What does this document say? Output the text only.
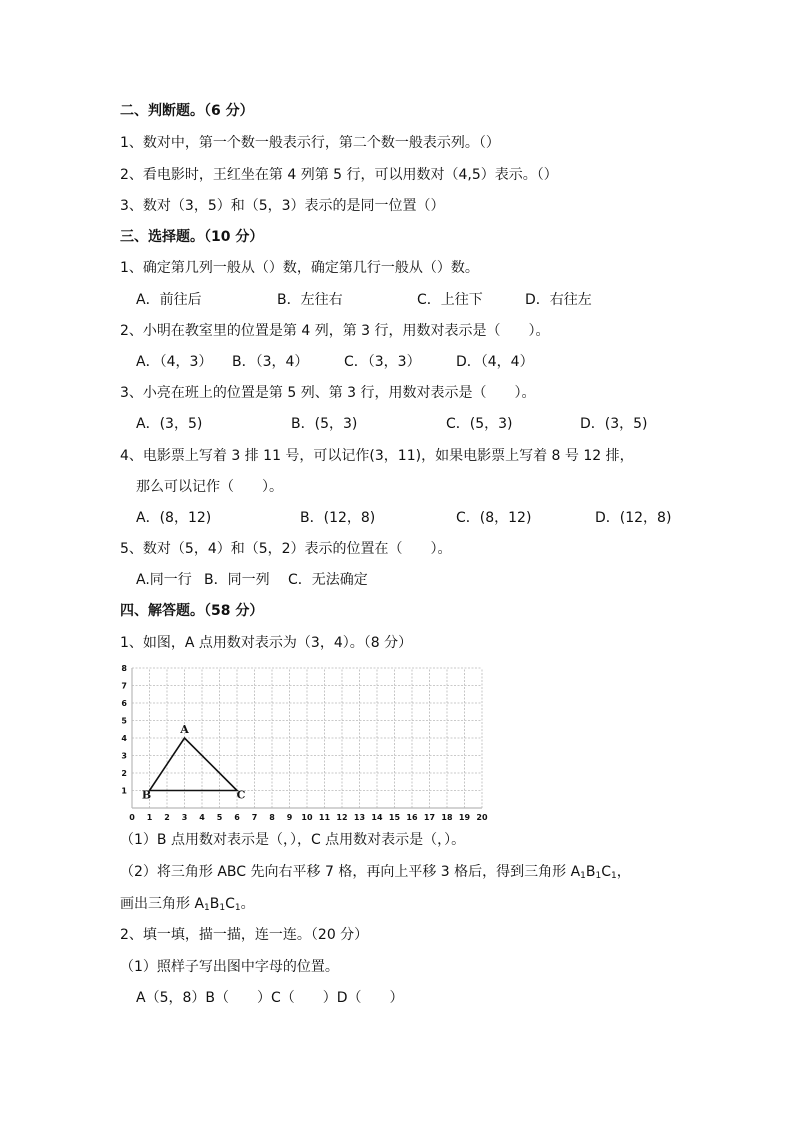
二、判断题。（6 分）
1、数对中，第一个数一般表示行，第二个数一般表示列。（）
2、看电影时，王红坐在第 4 列第 5 行，可以用数对（4,5）表示。（）
3、数对（3，5）和（5，3）表示的是同一位置（）
三、选择题。（10 分）
1、确定第几列一般从（）数，确定第几行一般从（）数。
A．前往后	B．左往右	C．上往下	D．右往左
2、小明在教室里的位置是第 4 列，第 3 行，用数对表示是（　　）。
A．（4，3） B．（3，4）	C．（3，3）	D．（4，4）
3、小亮在班上的位置是第 5 列、第 3 行，用数对表示是（　　）。
A．(3，5)	B．(5，3)	C．(5，3)	D．(3，5)
4、电影票上写着 3 排 11 号，可以记作(3，11)，如果电影票上写着 8 号 12 排，
那么可以记作（　　）。
A．(8，12)	B．(12，8)	C．(8，12)	D．(12，8)
5、数对（5，4）和（5，2）表示的位置在（　　）。
A.同一行 B．同一列 C．无法确定
四、解答题。（58 分）
1、如图，A 点用数对表示为（3，4）。（8 分）
0 1 2 3 4 5 6 7 8 9 10 11 12 13 14 15 16 17 18 19 20
1
2
3
4
5
6
7
8
A
B	C
（1）B 点用数对表示是（，），C 点用数对表示是（，）。
（2）将三角形 ABC 先向右平移 7 格，再向上平移 3 格后，得到三角形 $A_1B_1C_1$，
画出三角形 $A_1B_1C_1$。
2、填一填，描一描，连一连。（20 分）
（1）照样子写出图中字母的位置。
A（5，8）B（　　）C（　　）D（　　）
